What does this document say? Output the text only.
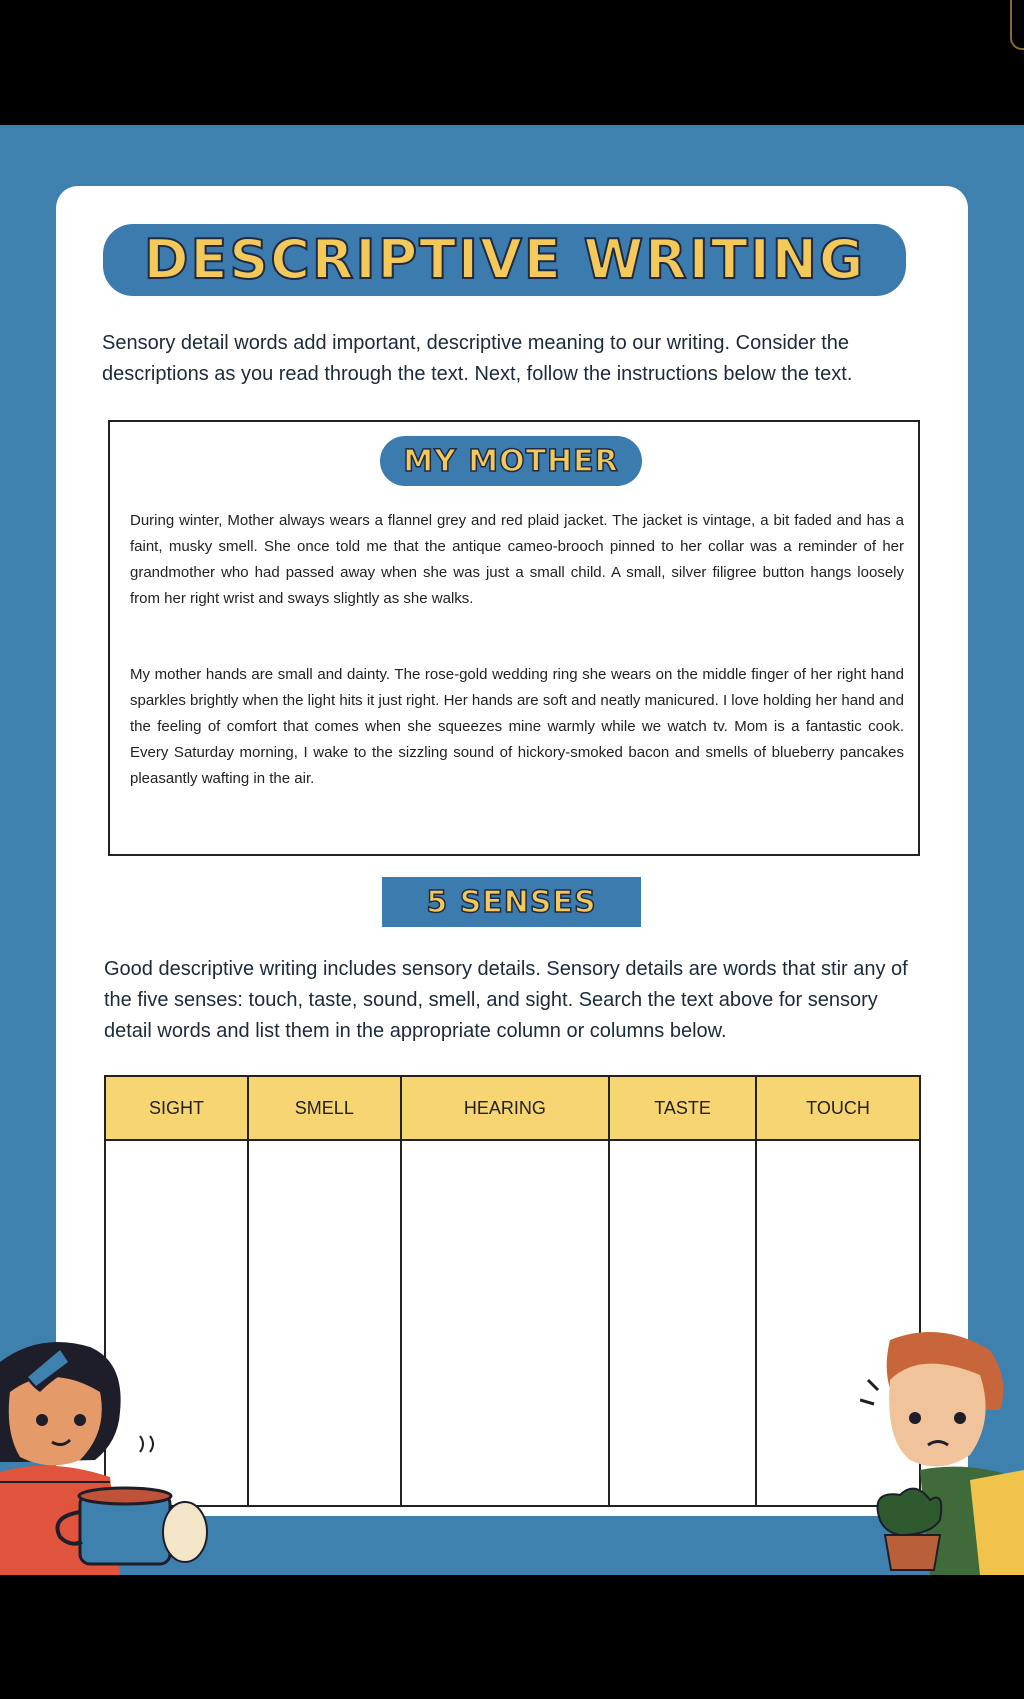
DESCRIPTIVE WRITING

Sensory detail words add important, descriptive meaning to our writing. Consider the descriptions as you read through the text. Next, follow the instructions below the text.

MY MOTHER

During winter, Mother always wears a flannel grey and red plaid jacket. The jacket is vintage, a bit faded and has a faint, musky smell. She once told me that the antique cameo-brooch pinned to her collar was a reminder of her grandmother who had passed away when she was just a small child. A small, silver filigree button hangs loosely from her right wrist and sways slightly as she walks.

My mother hands are small and dainty. The rose-gold wedding ring she wears on the middle finger of her right hand sparkles brightly when the light hits it just right. Her hands are soft and neatly manicured. I love holding her hand and the feeling of comfort that comes when she squeezes mine warmly while we watch tv. Mom is a fantastic cook. Every Saturday morning, I wake to the sizzling sound of hickory-smoked bacon and smells of blueberry pancakes pleasantly wafting in the air.

5 SENSES

Good descriptive writing includes sensory details. Sensory details are words that stir any of the five senses: touch, taste, sound, smell, and sight. Search the text above for sensory detail words and list them in the appropriate column or columns below.

SIGHT	SMELL	HEARING	TASTE	TOUCH
